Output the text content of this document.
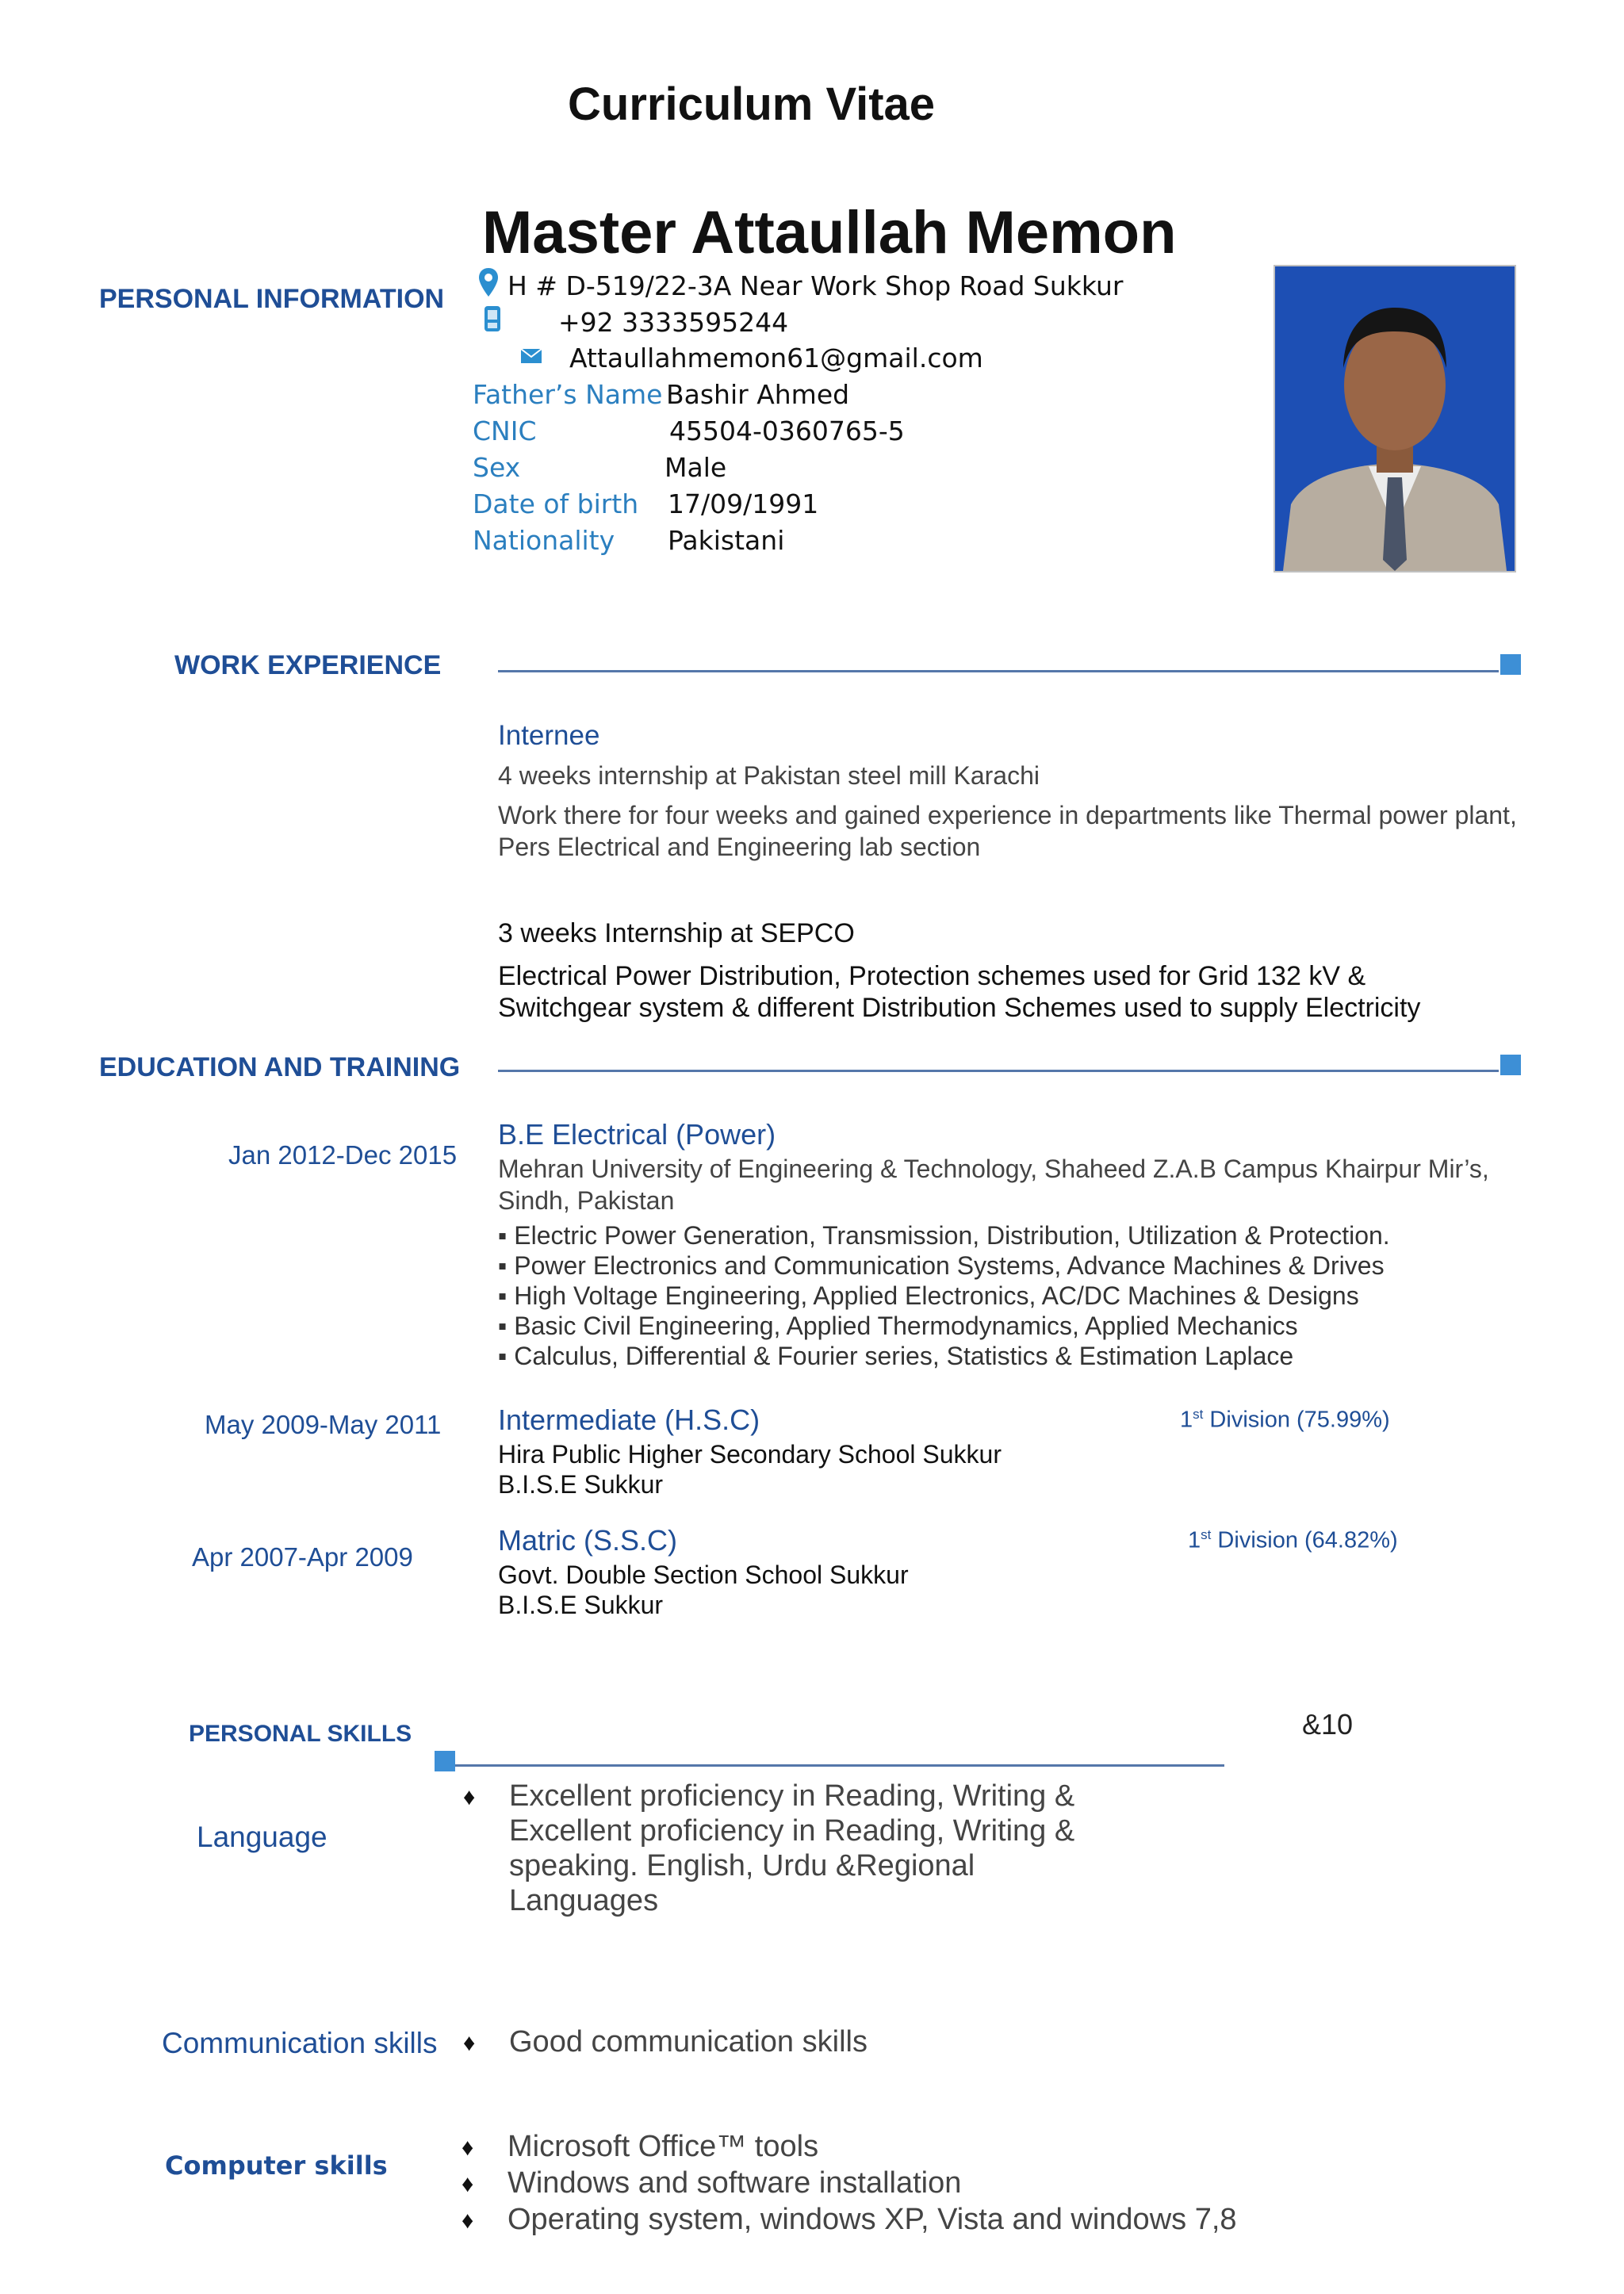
Curriculum Vitae
Master Attaullah Memon
PERSONAL INFORMATION H # D-519/22-3A Near Work Shop Road Sukkur
+92 3333595244
Attaullahmemon61@gmail.com
Father’s Name Bashir Ahmed
CNIC	45504-0360765-5
Sex	Male
Date of birth 17/09/1991
Nationality Pakistani
WORK EXPERIENCE
Internee
4 weeks internship at Pakistan steel mill Karachi
Work there for four weeks and gained experience in departments like Thermal power plant,
Pers Electrical and Engineering lab section
3 weeks Internship at SEPCO
Electrical Power Distribution, Protection schemes used for Grid 132 kV &
Switchgear system & different Distribution Schemes used to supply Electricity
EDUCATION AND TRAINING
Jan 2012-Dec 2015
B.E Electrical (Power)
Mehran University of Engineering & Technology, Shaheed Z.A.B Campus Khairpur Mir’s,
Sindh, Pakistan
▪ Electric Power Generation, Transmission, Distribution, Utilization & Protection.
▪ Power Electronics and Communication Systems, Advance Machines & Drives
▪ High Voltage Engineering, Applied Electronics, AC/DC Machines & Designs
▪ Basic Civil Engineering, Applied Thermodynamics, Applied Mechanics
▪ Calculus, Differential & Fourier series, Statistics & Estimation Laplace
May 2009-May 2011 Intermediate (H.S.C)	1st Division (75.99%)
Hira Public Higher Secondary School Sukkur
B.I.S.E Sukkur
Apr 2007-Apr 2009
Matric (S.S.C)	1st Division (64.82%)
Govt. Double Section School Sukkur
B.I.S.E Sukkur
PERSONAL SKILLS	&10
Language
♦ Excellent proficiency in Reading, Writing &
Excellent proficiency in Reading, Writing &
speaking. English, Urdu &Regional
Languages
Communication skills ♦ Good communication skills
Computer skills
♦ Microsoft Office™ tools
♦ Windows and software installation
♦ Operating system, windows XP, Vista and windows 7,8
